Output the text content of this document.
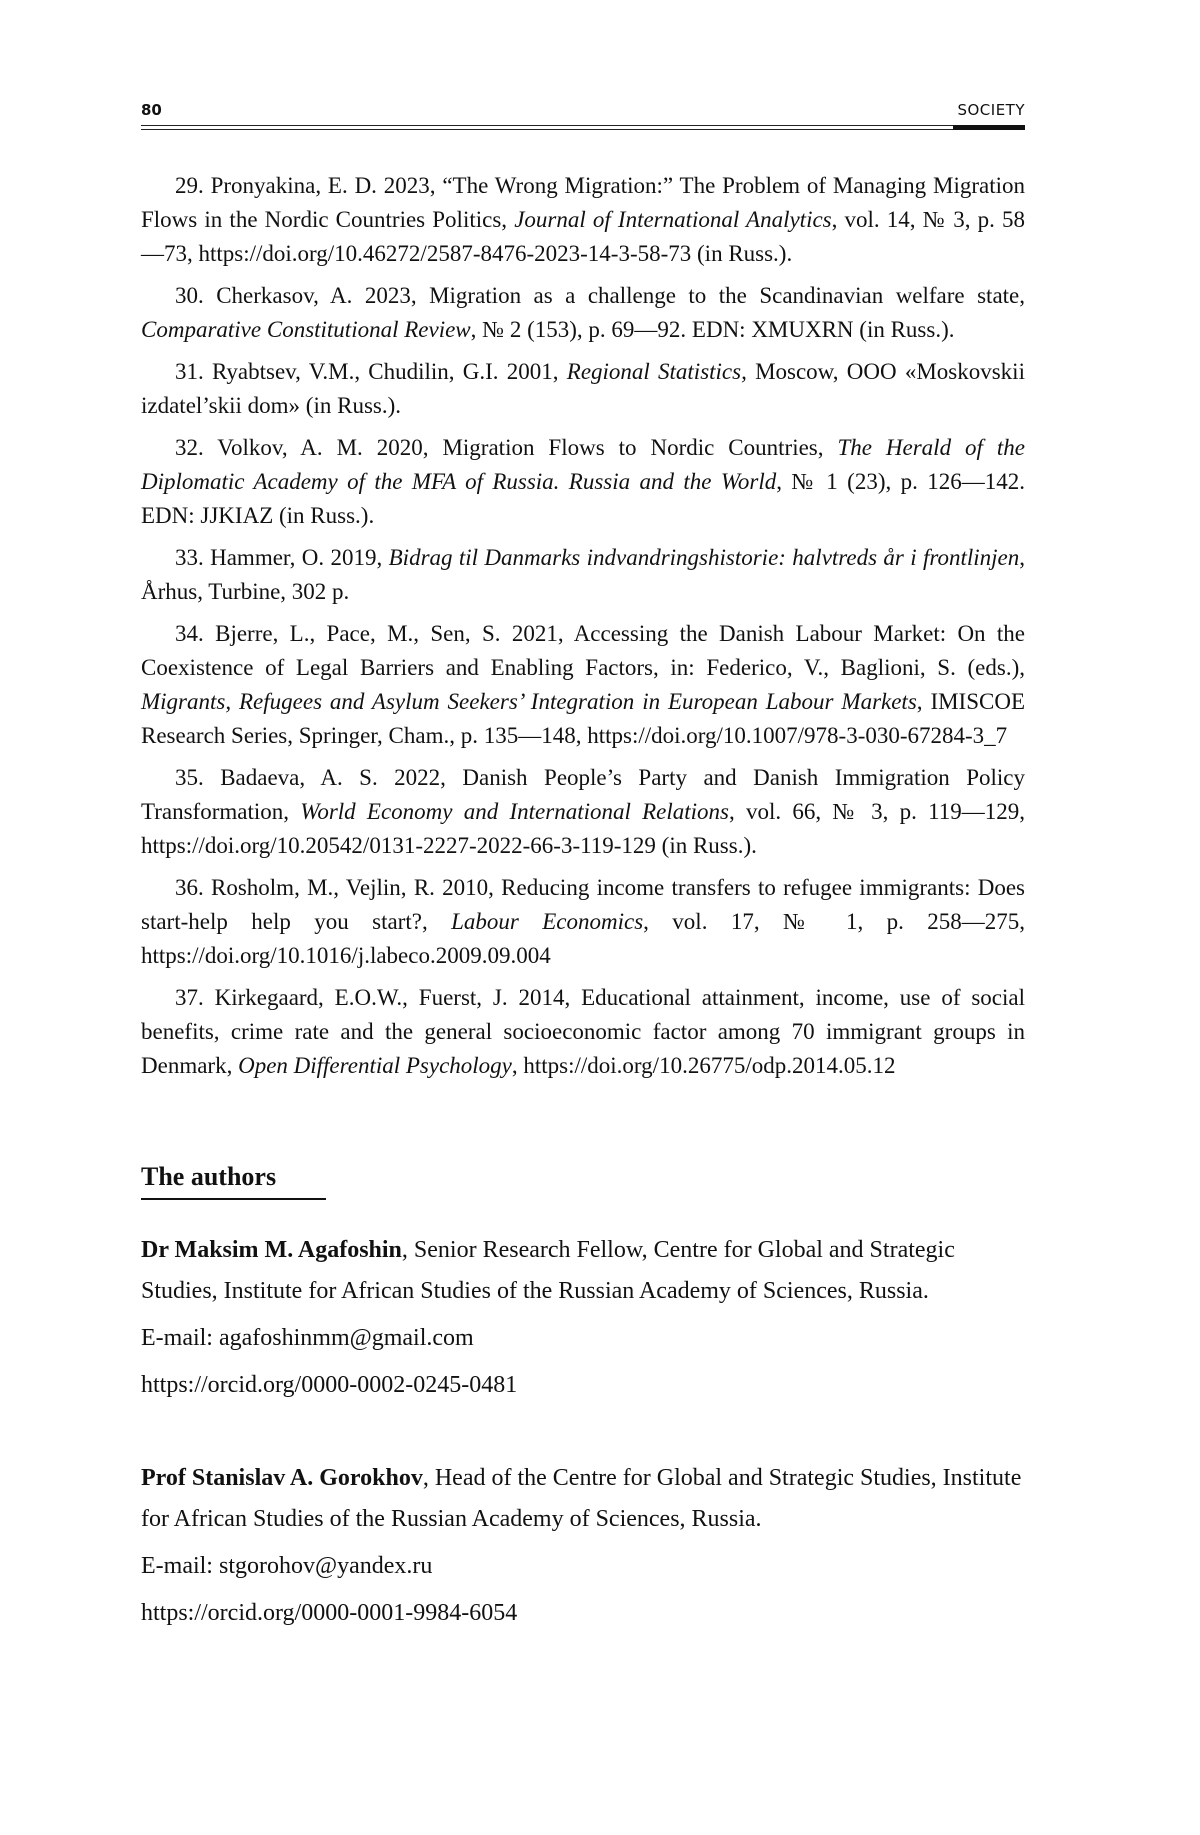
80	SOCIETY

29. Pronyakina, E. D. 2023, “The Wrong Migration:” The Problem of Managing Migration Flows in the Nordic Countries Politics, Journal of International Analytics, vol. 14, № 3, p. 58—73, https://doi.org/10.46272/2587-8476-2023-14-3-58-73 (in Russ.).

30. Cherkasov, A. 2023, Migration as a challenge to the Scandinavian welfare state, Comparative Constitutional Review, № 2 (153), p. 69—92. EDN: XMUXRN (in Russ.).

31. Ryabtsev, V.M., Chudilin, G.I. 2001, Regional Statistics, Moscow, OOO «Moskovskii izdatel’skii dom» (in Russ.).

32. Volkov, A. M. 2020, Migration Flows to Nordic Countries, The Herald of the Diplomatic Academy of the MFA of Russia. Russia and the World, № 1 (23), p. 126—142. EDN: JJKIAZ (in Russ.).

33. Hammer, O. 2019, Bidrag til Danmarks indvandringshistorie: halvtreds år i frontlinjen, Århus, Turbine, 302 p.

34. Bjerre, L., Pace, M., Sen, S. 2021, Accessing the Danish Labour Market: On the Coexistence of Legal Barriers and Enabling Factors, in: Federico, V., Baglioni, S. (eds.), Migrants, Refugees and Asylum Seekers’ Integration in European Labour Markets, IMISCOE Research Series, Springer, Cham., p. 135—148, https://doi.org/10.1007/978-3-030-67284-3_7

35. Badaeva, A. S. 2022, Danish People’s Party and Danish Immigration Policy Transformation, World Economy and International Relations, vol. 66, № 3, p. 119—129, https://doi.org/10.20542/0131-2227-2022-66-3-119-129 (in Russ.).

36. Rosholm, M., Vejlin, R. 2010, Reducing income transfers to refugee immigrants: Does start-help help you start?, Labour Economics, vol. 17, № 1, p. 258—275, https://doi.org/10.1016/j.labeco.2009.09.004

37. Kirkegaard, E.O.W., Fuerst, J. 2014, Educational attainment, income, use of social benefits, crime rate and the general socioeconomic factor among 70 immigrant groups in Denmark, Open Differential Psychology, https://doi.org/10.26775/odp.2014.05.12

The authors

Dr Maksim M. Agafoshin, Senior Research Fellow, Centre for Global and Strategic Studies, Institute for African Studies of the Russian Academy of Sciences, Russia.

E-mail: agafoshinmm@gmail.com

https://orcid.org/0000-0002-0245-0481

Prof Stanislav A. Gorokhov, Head of the Centre for Global and Strategic Studies, Institute for African Studies of the Russian Academy of Sciences, Russia.

E-mail: stgorohov@yandex.ru

https://orcid.org/0000-0001-9984-6054
